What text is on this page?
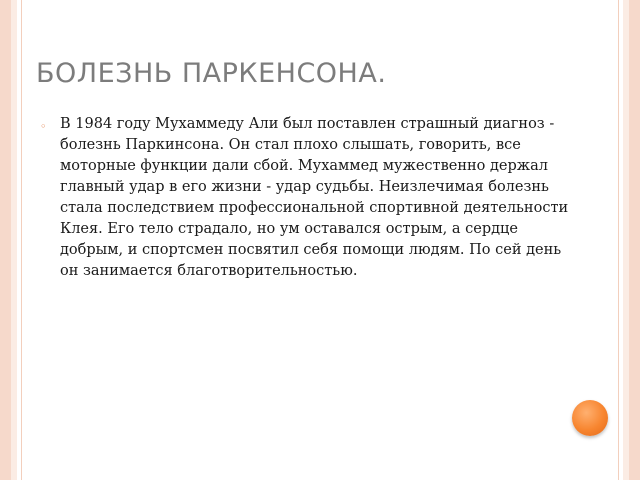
БОЛЕЗНЬ ПАРКЕНСОНА.
◦ В 1984 году Мухаммеду Али был поставлен страшный диагноз - болезнь Паркинсона. Он стал плохо слышать, говорить, все моторные функции дали сбой. Мухаммед мужественно держал главный удар в его жизни - удар судьбы. Неизлечимая болезнь стала последствием профессиональной спортивной деятельности Клея. Его тело страдало, но ум оставался острым, а сердце добрым, и спортсмен посвятил себя помощи людям. По сей день он занимается благотворительностью.
